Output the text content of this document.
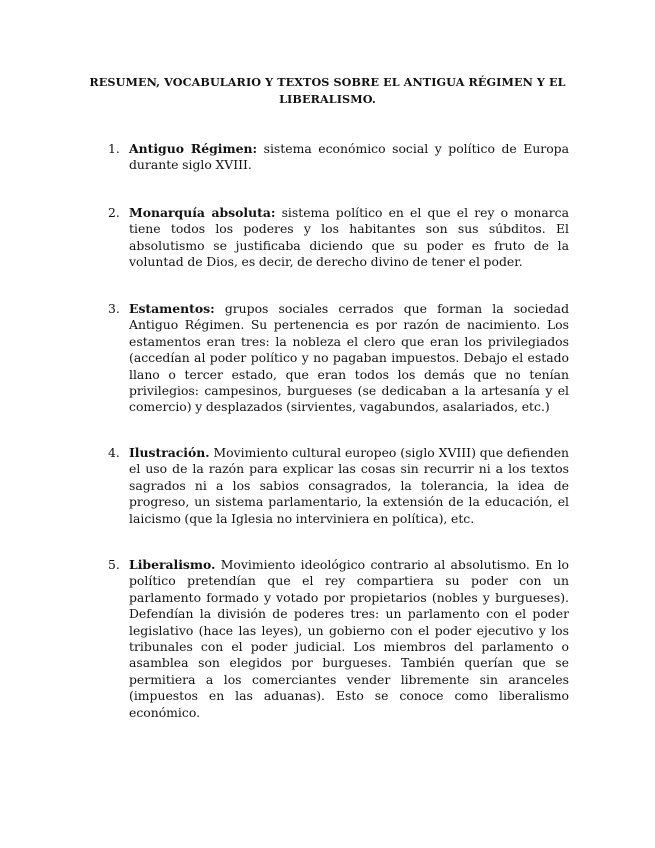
RESUMEN, VOCABULARIO Y TEXTOS SOBRE EL ANTIGUA RÉGIMEN Y EL LIBERALISMO.
1. Antiguo Régimen: sistema económico social y político de Europa durante siglo XVIII.
2. Monarquía absoluta: sistema político en el que el rey o monarca tiene todos los poderes y los habitantes son sus súbditos. El absolutismo se justificaba diciendo que su poder es fruto de la voluntad de Dios, es decir, de derecho divino de tener el poder.
3. Estamentos: grupos sociales cerrados que forman la sociedad Antiguo Régimen. Su pertenencia es por razón de nacimiento. Los estamentos eran tres: la nobleza el clero que eran los privilegiados (accedían al poder político y no pagaban impuestos. Debajo el estado llano o tercer estado, que eran todos los demás que no tenían privilegios: campesinos, burgueses (se dedicaban a la artesanía y el comercio) y desplazados (sirvientes, vagabundos, asalariados, etc.)
4. Ilustración. Movimiento cultural europeo (siglo XVIII) que defienden el uso de la razón para explicar las cosas sin recurrir ni a los textos sagrados ni a los sabios consagrados, la tolerancia, la idea de progreso, un sistema parlamentario, la extensión de la educación, el laicismo (que la Iglesia no interviniera en política), etc.
5. Liberalismo. Movimiento ideológico contrario al absolutismo. En lo político pretendían que el rey compartiera su poder con un parlamento formado y votado por propietarios (nobles y burgueses). Defendían la división de poderes tres: un parlamento con el poder legislativo (hace las leyes), un gobierno con el poder ejecutivo y los tribunales con el poder judicial. Los miembros del parlamento o asamblea son elegidos por burgueses. También querían que se permitiera a los comerciantes vender libremente sin aranceles (impuestos en las aduanas). Esto se conoce como liberalismo económico.
